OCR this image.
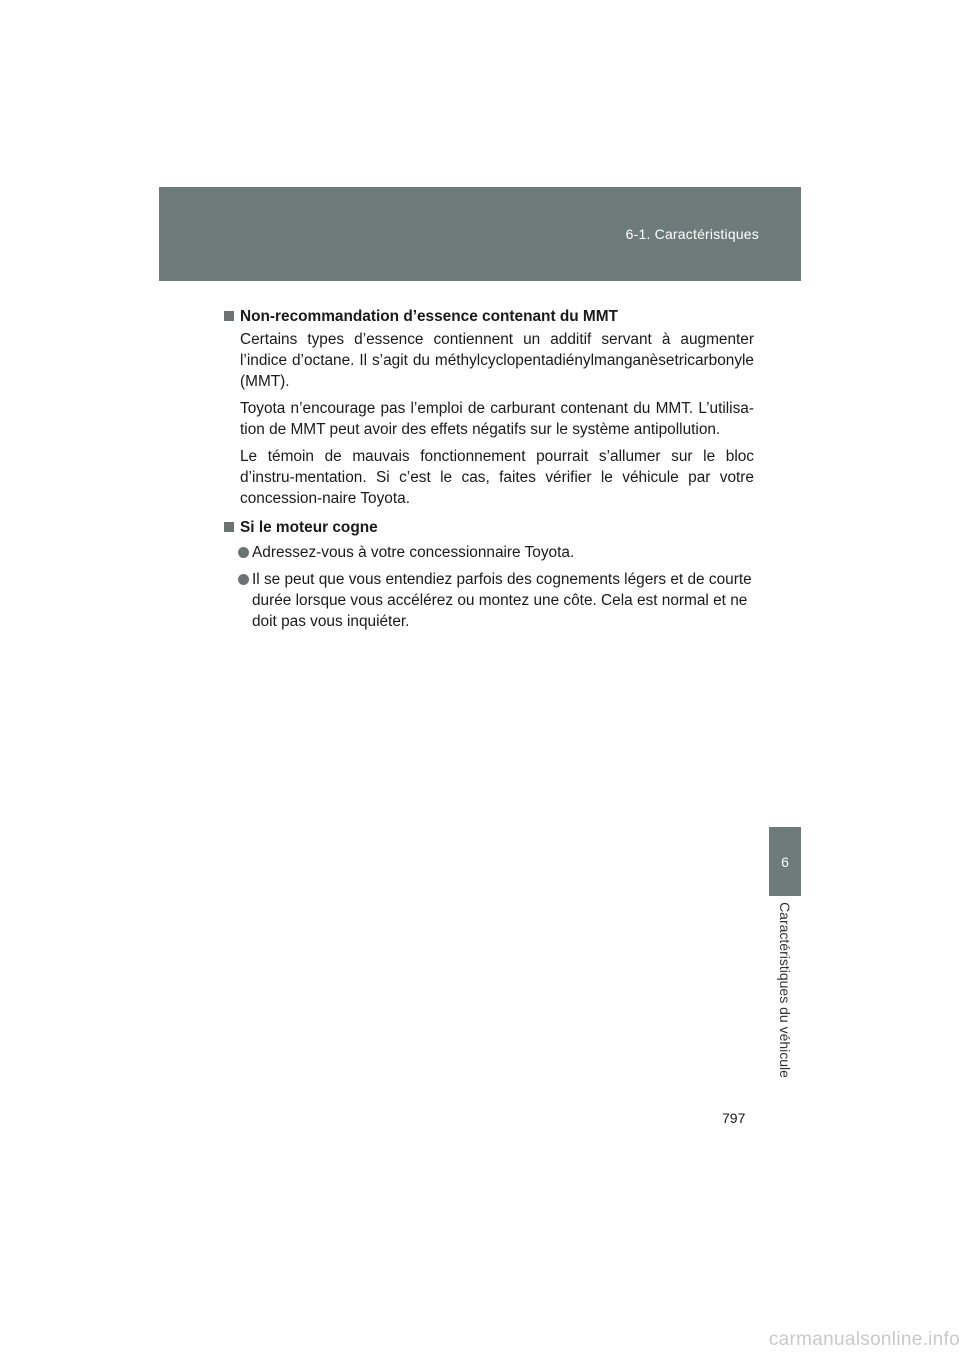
6-1. Caractéristiques
6
Caractéristiques du véhicule
Non-recommandation d’essence contenant du MMT

Certains types d’essence contiennent un additif servant à augmenter l’indice d’octane. Il s’agit du méthylcyclopentadiénylmanganèsetricarbonyle (MMT).

Toyota n’encourage pas l’emploi de carburant contenant du MMT. L’utilisa-tion de MMT peut avoir des effets négatifs sur le système antipollution.

Le témoin de mauvais fonctionnement pourrait s’allumer sur le bloc d’instru-mentation. Si c’est le cas, faites vérifier le véhicule par votre concession-naire Toyota.

Si le moteur cogne
Adressez-vous à votre concessionnaire Toyota.
Il se peut que vous entendiez parfois des cognements légers et de courte durée lorsque vous accélérez ou montez une côte. Cela est normal et ne doit pas vous inquiéter.
797
carmanualsonline.info
